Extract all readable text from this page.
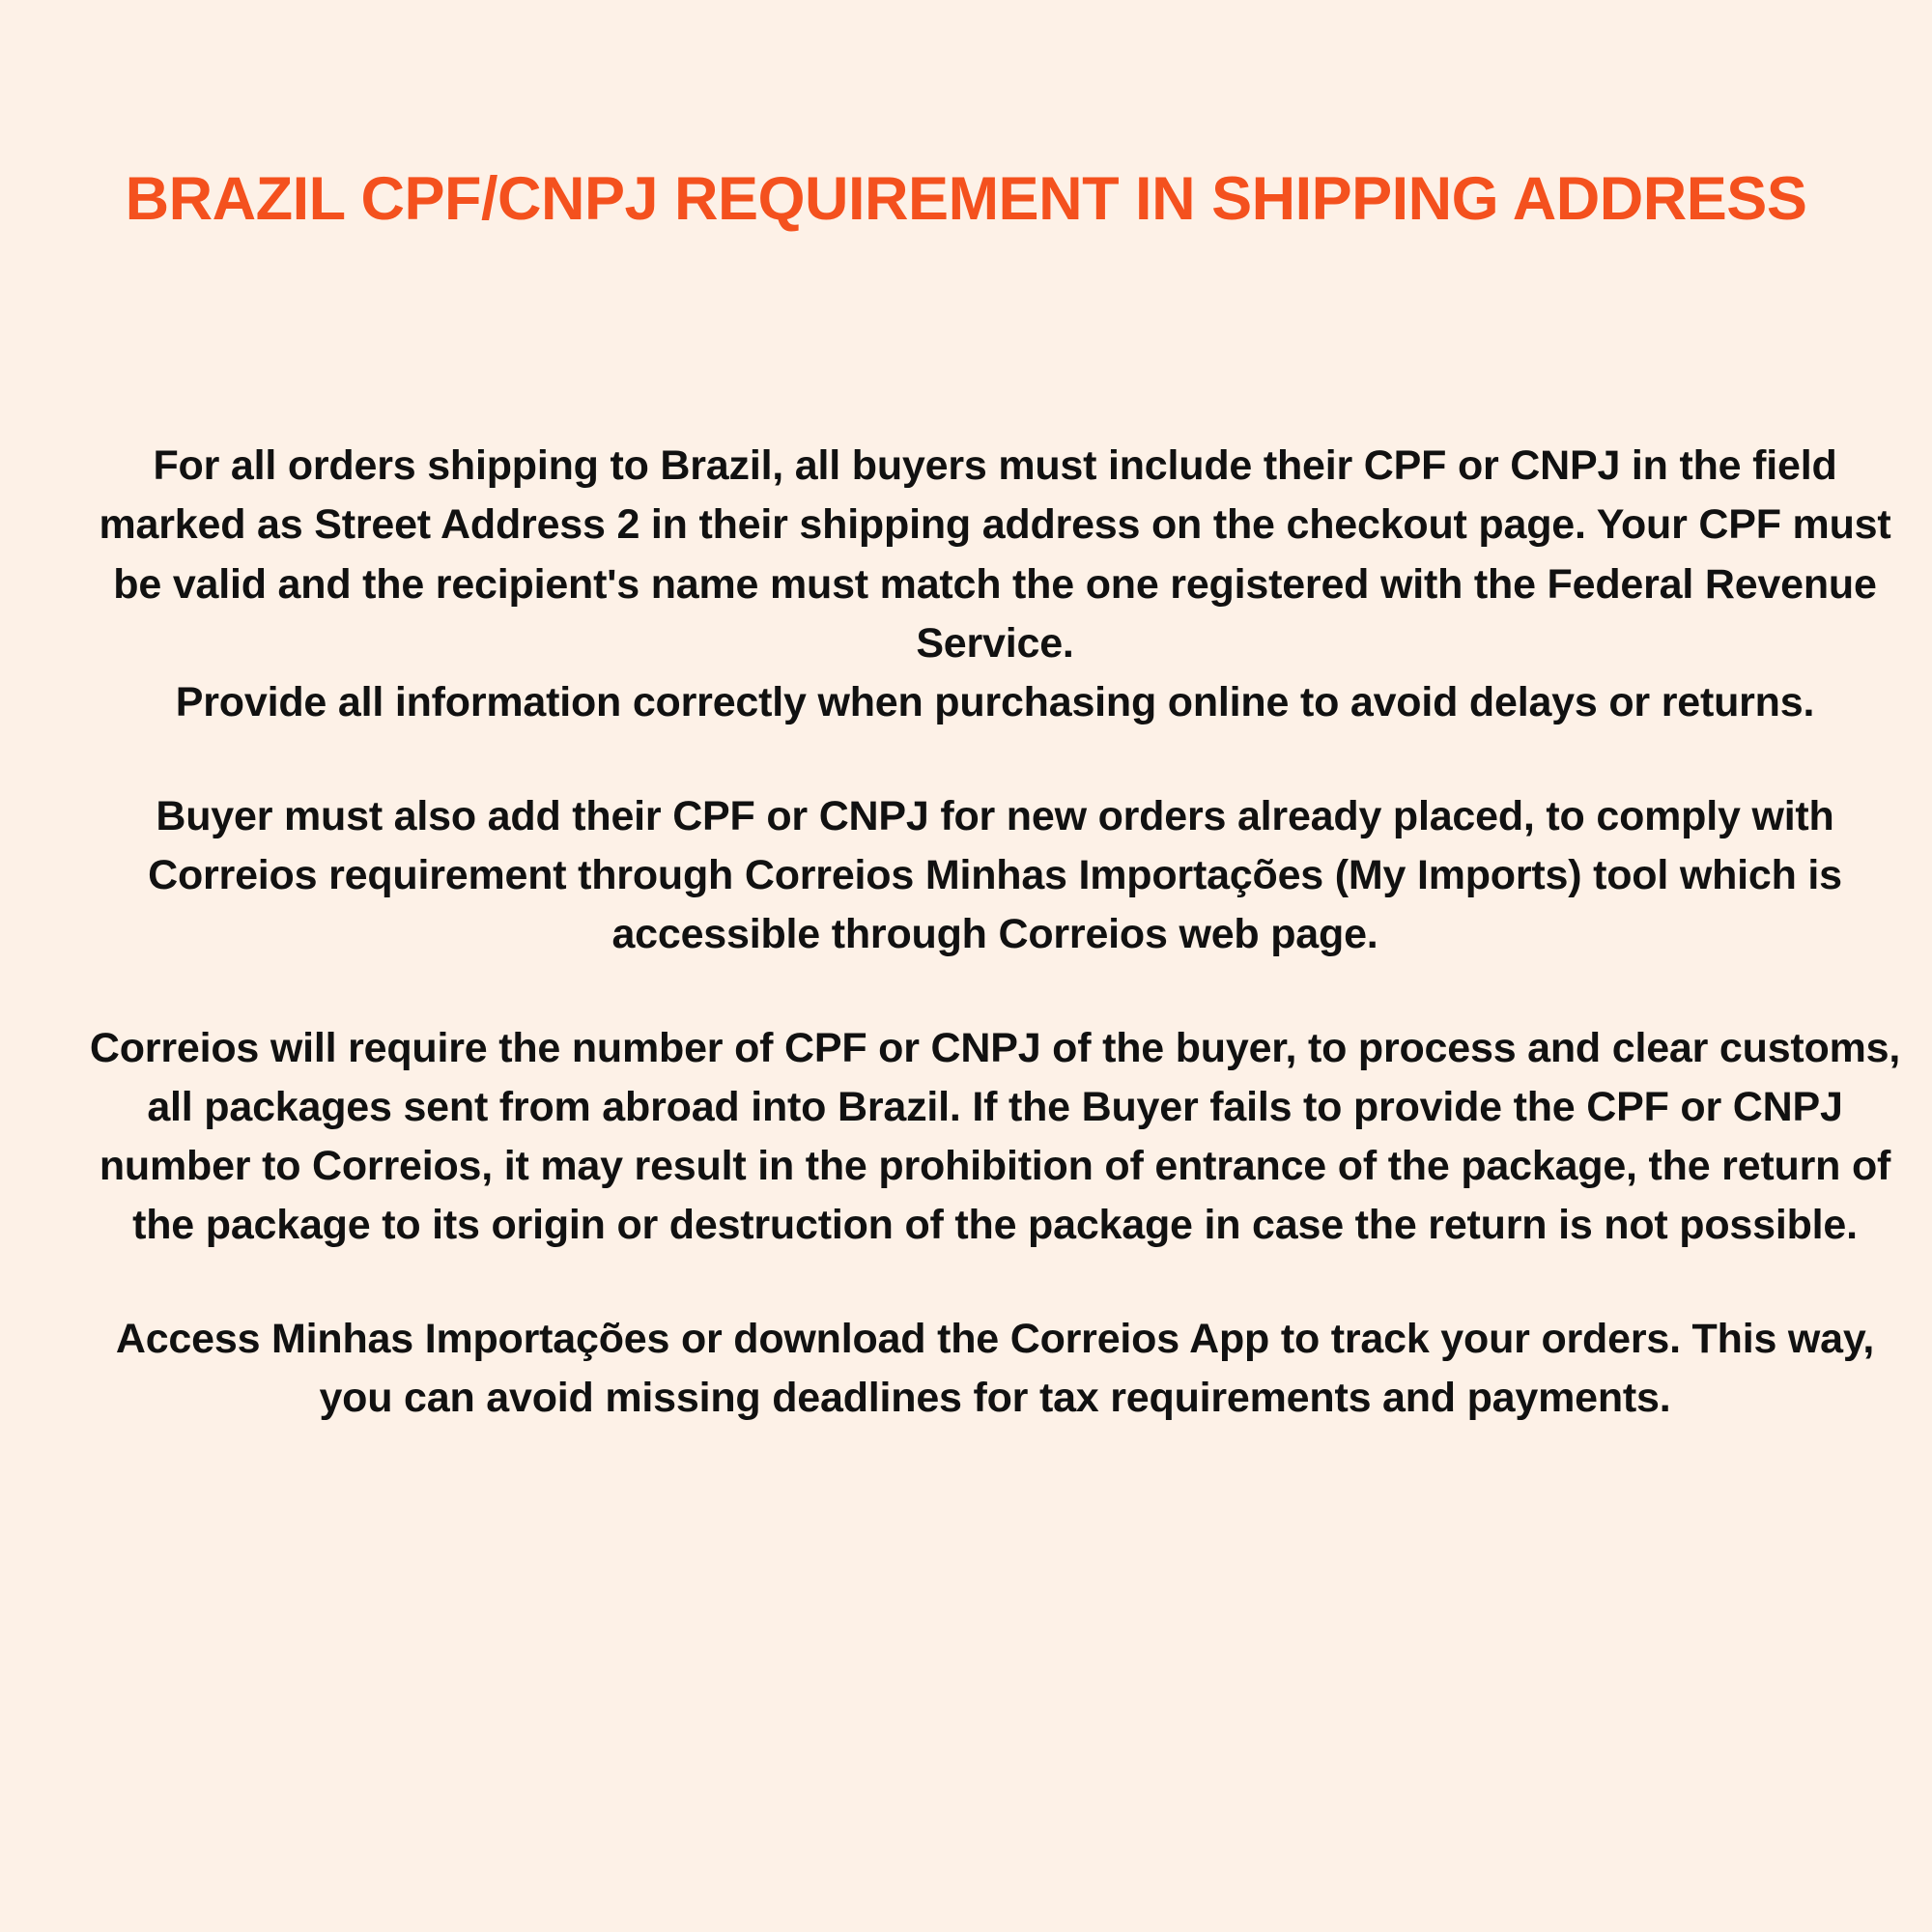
BRAZIL CPF/CNPJ REQUIREMENT IN SHIPPING ADDRESS

For all orders shipping to Brazil, all buyers must include their CPF or CNPJ in the field marked as Street Address 2 in their shipping address on the checkout page. Your CPF must be valid and the recipient's name must match the one registered with the Federal Revenue Service.

Provide all information correctly when purchasing online to avoid delays or returns.

Buyer must also add their CPF or CNPJ for new orders already placed, to comply with Correios requirement through Correios Minhas Importações (My Imports) tool which is accessible through Correios web page.

Correios will require the number of CPF or CNPJ of the buyer, to process and clear customs, all packages sent from abroad into Brazil. If the Buyer fails to provide the CPF or CNPJ number to Correios, it may result in the prohibition of entrance of the package, the return of the package to its origin or destruction of the package in case the return is not possible.

Access Minhas Importações or download the Correios App to track your orders. This way, you can avoid missing deadlines for tax requirements and payments.
